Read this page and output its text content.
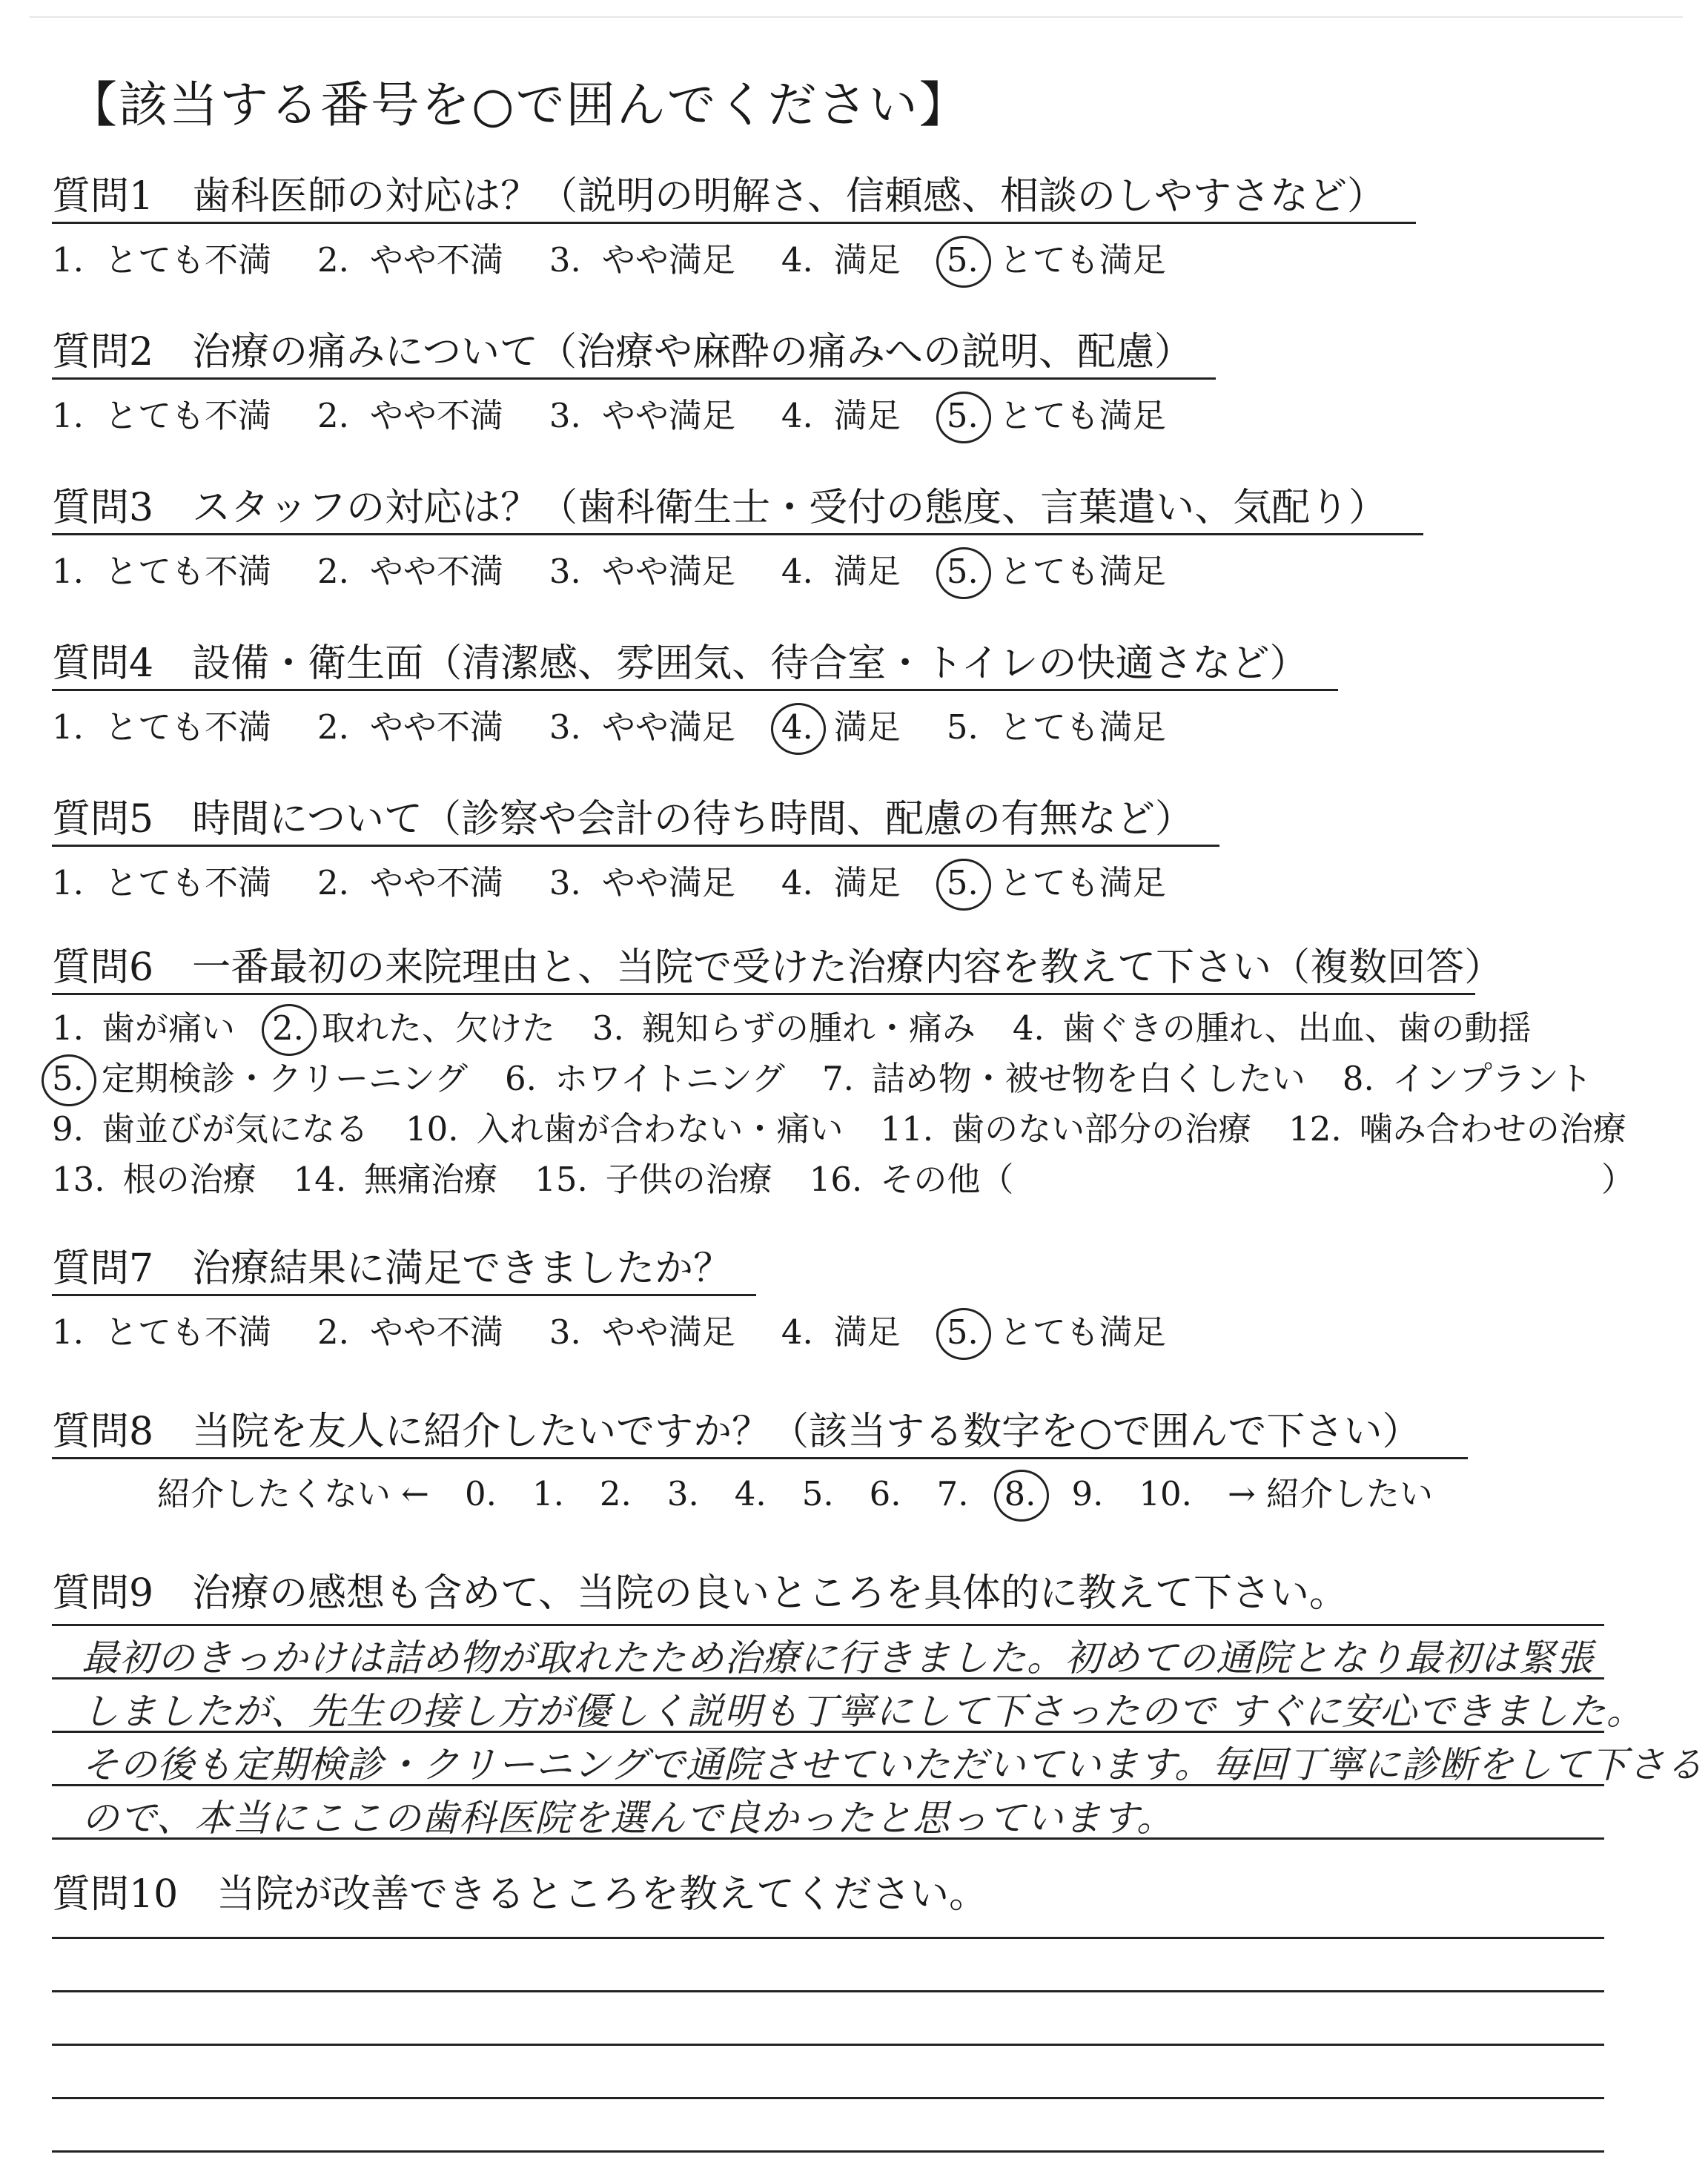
【該当する番号を○で囲んでください】
質問1　歯科医師の対応は？（説明の明解さ、信頼感、相談のしやすさなど）
1. とても不満 2. やや不満 3. やや満足 4. 満足 5. とても満足
質問2　治療の痛みについて（治療や麻酔の痛みへの説明、配慮）
1. とても不満 2. やや不満 3. やや満足 4. 満足 5. とても満足
質問3　スタッフの対応は？（歯科衛生士・受付の態度、言葉遣い、気配り）
1. とても不満 2. やや不満 3. やや満足 4. 満足 5. とても満足
質問4　設備・衛生面（清潔感、雰囲気、待合室・トイレの快適さなど）
1. とても不満 2. やや不満 3. やや満足 4. 満足 5. とても満足
質問5　時間について（診察や会計の待ち時間、配慮の有無など）
1. とても不満 2. やや不満 3. やや満足 4. 満足 5. とても満足
質問6　一番最初の来院理由と、当院で受けた治療内容を教えて下さい（複数回答）
1. 歯が痛い 2. 取れた、欠けた 3. 親知らずの腫れ・痛み 4. 歯ぐきの腫れ、出血、歯の動揺
5. 定期検診・クリーニング 6. ホワイトニング 7. 詰め物・被せ物を白くしたい 8. インプラント
9. 歯並びが気になる 10. 入れ歯が合わない・痛い 11. 歯のない部分の治療 12. 噛み合わせの治療
13. 根の治療 14. 無痛治療 15. 子供の治療 16. その他（	）
質問7　治療結果に満足できましたか？
1. とても不満 2. やや不満 3. やや満足 4. 満足 5. とても満足
質問8　当院を友人に紹介したいですか？（該当する数字を○で囲んで下さい）
紹介したくない ← 0. 1. 2. 3. 4. 5. 6. 7. 8. 9. 10. → 紹介したい
質問9　治療の感想も含めて、当院の良いところを具体的に教えて下さい。
最初のきっかけは詰め物が取れたため治療に行きました。初めての通院となり最初は緊張
しましたが、先生の接し方が優しく説明も丁寧にして下さったので すぐに安心できました。
その後も定期検診・クリーニングで通院させていただいています。毎回丁寧に診断をして下さる
ので、本当にここの歯科医院を選んで良かったと思っています。
質問10　当院が改善できるところを教えてください。
